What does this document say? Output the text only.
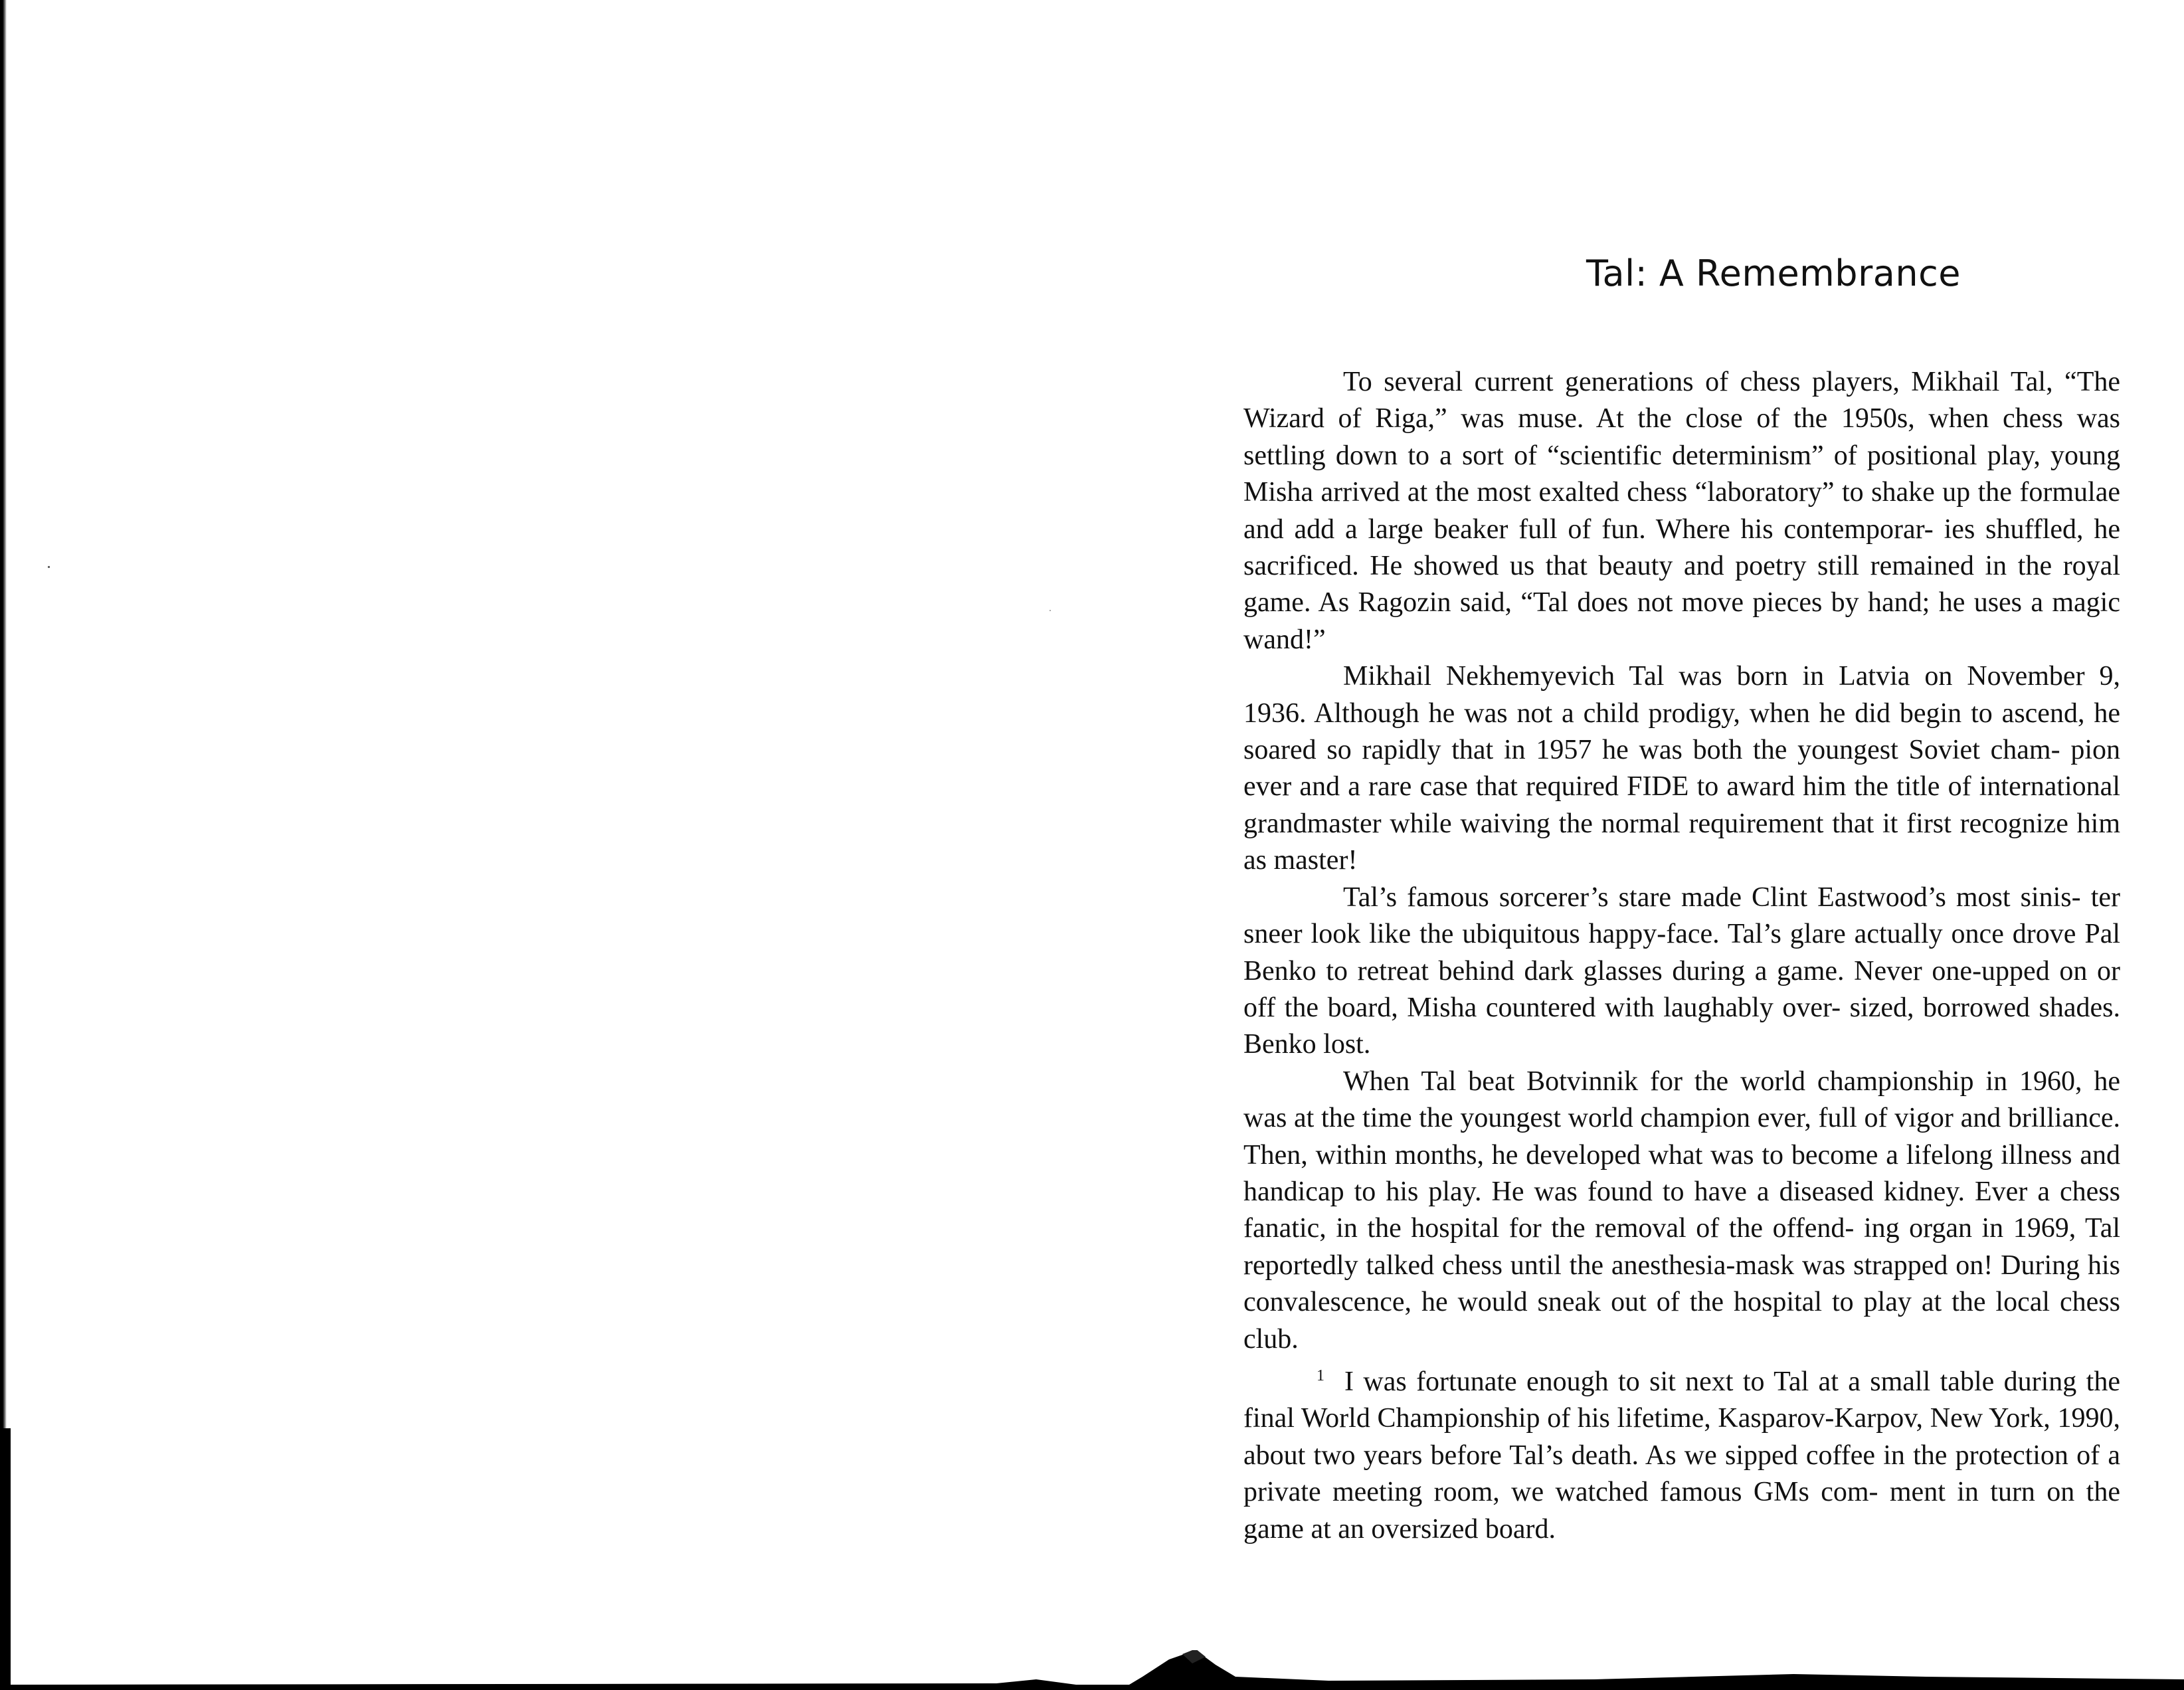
Tal: A Remembrance

To several current generations of chess players, Mikhail Tal, “The Wizard of Riga,” was muse. At the close of the 1950s, when chess was settling down to a sort of “scientific determinism” of positional play, young Misha arrived at the most exalted chess “laboratory” to shake up the formulae and add a large beaker full of fun. Where his contemporar- ies shuffled, he sacrificed. He showed us that beauty and poetry still remained in the royal game. As Ragozin said, “Tal does not move pieces by hand; he uses a magic wand!”

Mikhail Nekhemyevich Tal was born in Latvia on November 9, 1936. Although he was not a child prodigy, when he did begin to ascend, he soared so rapidly that in 1957 he was both the youngest Soviet cham- pion ever and a rare case that required FIDE to award him the title of international grandmaster while waiving the normal requirement that it first recognize him as master!

Tal’s famous sorcerer’s stare made Clint Eastwood’s most sinis- ter sneer look like the ubiquitous happy-face. Tal’s glare actually once drove Pal Benko to retreat behind dark glasses during a game. Never one-upped on or off the board, Misha countered with laughably over- sized, borrowed shades. Benko lost.

When Tal beat Botvinnik for the world championship in 1960, he was at the time the youngest world champion ever, full of vigor and brilliance. Then, within months, he developed what was to become a lifelong illness and handicap to his play. He was found to have a diseased kidney. Ever a chess fanatic, in the hospital for the removal of the offend- ing organ in 1969, Tal reportedly talked chess until the anesthesia-mask was strapped on! During his convalescence, he would sneak out of the hospital to play at the local chess club.

$^1$ I was fortunate enough to sit next to Tal at a small table during the final World Championship of his lifetime, Kasparov-Karpov, New York, 1990, about two years before Tal’s death. As we sipped coffee in the protection of a private meeting room, we watched famous GMs com- ment in turn on the game at an oversized board.
